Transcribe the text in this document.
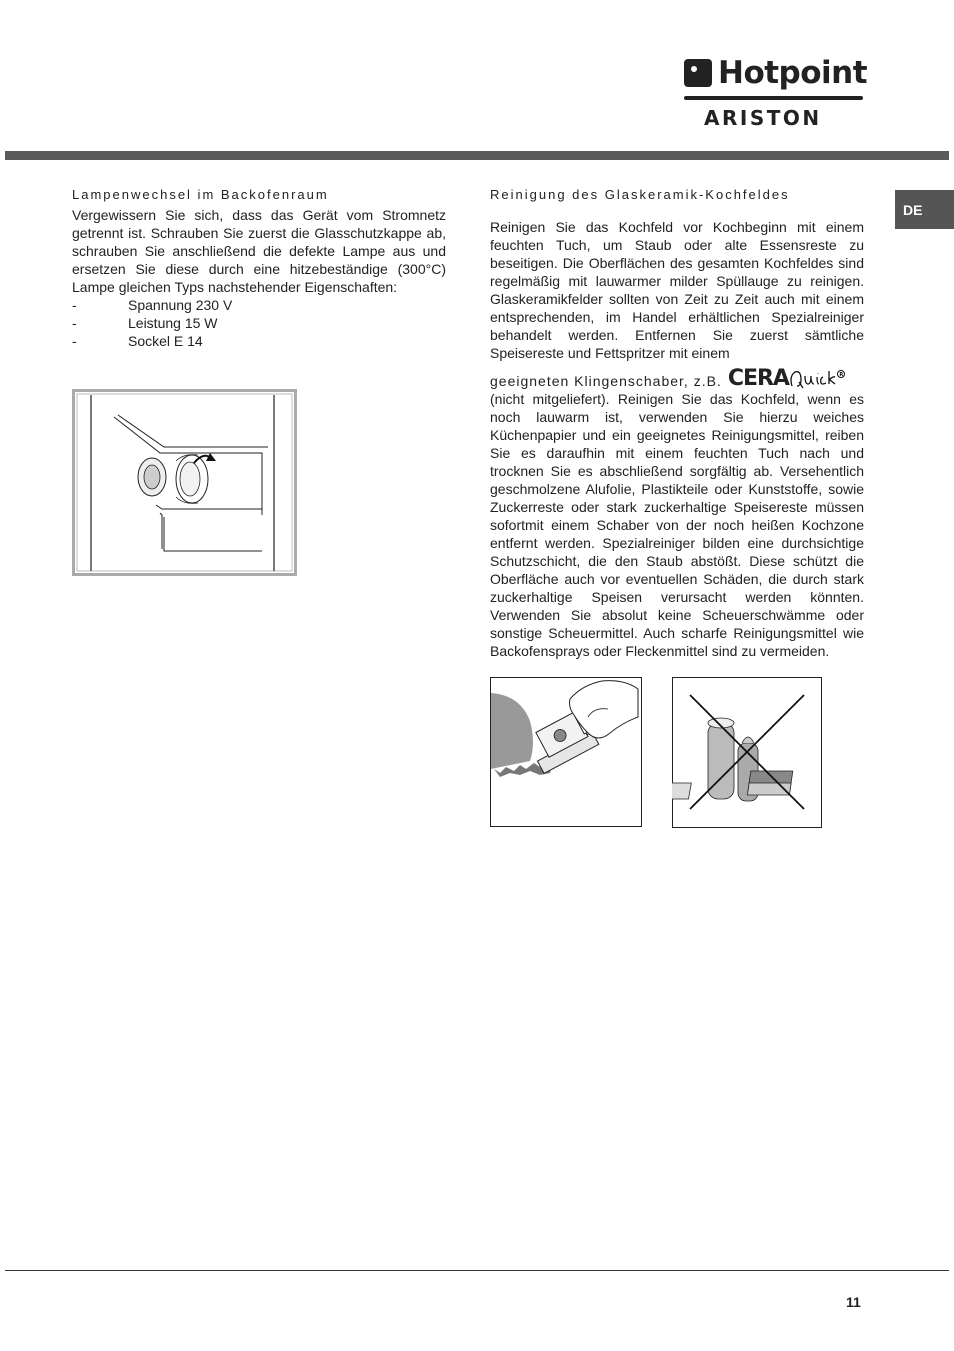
Hotpoint
ARISTON
DE
Lampenwechsel im Backofenraum
Vergewissern Sie sich, dass das Gerät vom Stromnetz getrennt ist. Schrauben Sie zuerst die Glasschutzkappe ab, schrauben Sie anschließend die defekte Lampe aus und ersetzen Sie diese durch eine hitzebeständige (300°C) Lampe gleichen Typs nachstehender Eigenschaften:
-	Spannung 230 V
-	Leistung 15 W
-	Sockel E 14
Reinigung des Glaskeramik-Kochfeldes
Reinigen Sie das Kochfeld vor Kochbeginn mit einem feuchten Tuch, um Staub oder alte Essensreste zu beseitigen. Die Oberflächen des gesamten Kochfeldes sind regelmäßig mit lauwarmer milder Spüllauge zu reinigen. Glaskeramikfelder sollten von Zeit zu Zeit auch mit einem entsprechenden, im Handel erhältlichen Spezialreiniger behandelt werden. Entfernen Sie zuerst sämtliche Speisereste und Fettspritzer mit einem
geeigneten Klingenschaber, z.B. CERA	R
(nicht mitgeliefert). Reinigen Sie das Kochfeld, wenn es noch lauwarm ist, verwenden Sie hierzu weiches Küchenpapier und ein geeignetes Reinigungsmittel, reiben Sie es daraufhin mit einem feuchten Tuch nach und trocknen Sie es abschließend sorgfältig ab. Versehentlich geschmolzene Alufolie, Plastikteile oder Kunststoffe, sowie Zuckerreste oder stark zuckerhaltige Speisereste müssen sofortmit einem Schaber von der noch heißen Kochzone entfernt werden. Spezialreiniger bilden eine durchsichtige Schutzschicht, die den Staub abstößt. Diese schützt die Oberfläche auch vor eventuellen Schäden, die durch stark zuckerhaltige Speisen verursacht werden könnten. Verwenden Sie absolut keine Scheuerschwämme oder sonstige Scheuermittel. Auch scharfe Reinigungsmittel wie Backofensprays oder Fleckenmittel sind zu vermeiden.
11
